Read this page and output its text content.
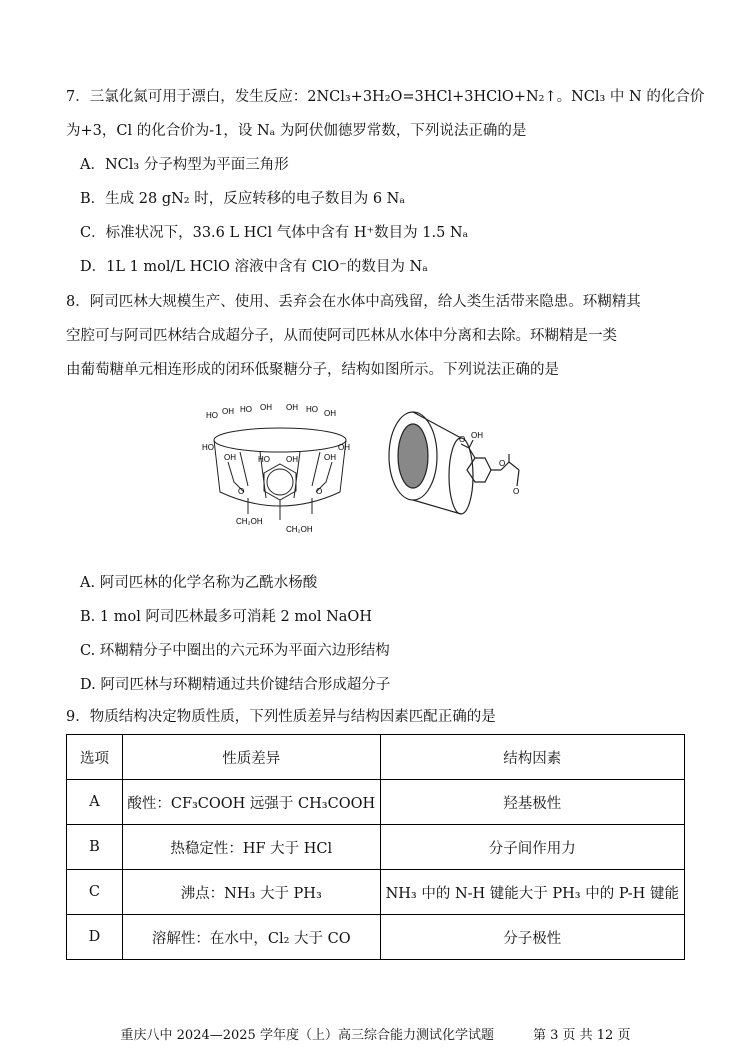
7．三氯化氮可用于漂白，发生反应：2NCl₃+3H₂O=3HCl+3HClO+N₂↑。NCl₃ 中 N 的化合价
为+3，Cl 的化合价为-1，设 Nₐ 为阿伏伽德罗常数，下列说法正确的是
A．NCl₃ 分子构型为平面三角形
B．生成 28 gN₂ 时，反应转移的电子数目为 6 Nₐ
C．标准状况下，33.6 L HCl 气体中含有 H⁺数目为 1.5 Nₐ
D．1L 1 mol/L HClO 溶液中含有 ClO⁻的数目为 Nₐ
8．阿司匹林大规模生产、使用、丢弃会在水体中高残留，给人类生活带来隐患。环糊精其
空腔可与阿司匹林结合成超分子，从而使阿司匹林从水体中分离和去除。环糊精是一类
由葡萄糖单元相连形成的闭环低聚糖分子，结构如图所示。下列说法正确的是
HO OH HO OH OH HO OH
HO	OH
OH	OH
HO OH
O	O
CH₂OH
CH₂OH
O OH
O
O
A. 阿司匹林的化学名称为乙酰水杨酸
B. 1 mol 阿司匹林最多可消耗 2 mol NaOH
C. 环糊精分子中圈出的六元环为平面六边形结构
D. 阿司匹林与环糊精通过共价键结合形成超分子
9．物质结构决定物质性质，下列性质差异与结构因素匹配正确的是
选项	性质差异	结构因素
A	酸性：CF₃COOH 远强于 CH₃COOH	羟基极性
B	热稳定性：HF 大于 HCl	分子间作用力
C	沸点：NH₃ 大于 PH₃	NH₃ 中的 N-H 键能大于 PH₃ 中的 P-H 键能
D	溶解性：在水中，Cl₂ 大于 CO	分子极性
重庆八中 2024—2025 学年度（上）高三综合能力测试化学试题　　　第 3 页 共 12 页
